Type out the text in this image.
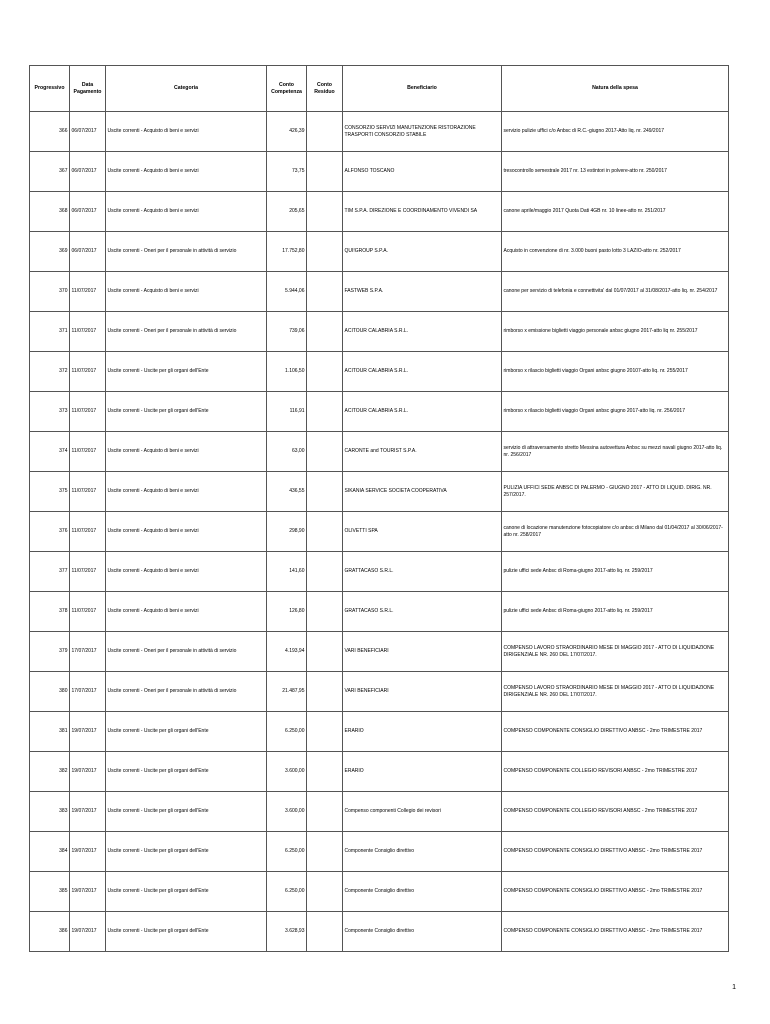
Progressivo	Data Pagamento	Categoria	Conto Competenza	Conto Residuo	Beneficiario	Natura della spesa
366	06/07/2017	Uscite correnti - Acquisto di beni e servizi	426,39		CONSORZIO SERVIZI MANUTENZIONE RISTORAZIONE TRASPORTI CONSORZIO STABILE	servizio pulizie uffici c/o Anbsc di R.C.-giugno 2017-Atto liq. nr. 249/2017
367	06/07/2017	Uscite correnti - Acquisto di beni e servizi	73,75		ALFONSO TOSCANO	tresocontrollo semestrale 2017 nr. 13 estintori in polvere-atto nr. 250/2017
368	06/07/2017	Uscite correnti - Acquisto di beni e servizi	205,65		TIM S.P.A. DIREZIONE E COORDINAMENTO VIVENDI SA	canone aprile/maggio 2017 Quota Dati 4GB nr. 10 linee-atto nr. 251/2017
369	06/07/2017	Uscite correnti - Oneri per il personale in attività di servizio	17.752,80		QUI!GROUP S.P.A.	Acquisto in convenzione di nr. 3.000 buoni pasto lotto 3 LAZIO-atto nr. 252/2017
370	11/07/2017	Uscite correnti - Acquisto di beni e servizi	5.944,06		FASTWEB S.P.A.	canone per servizio di telefonia e connettivita' dal 01/07/2017 al 31/08/2017-atto liq. nr. 254/2017
371	11/07/2017	Uscite correnti - Oneri per il personale in attività di servizio	739,06		ACITOUR CALABRIA S.R.L.	rimborso x emissione biglietti viaggio personale anbsc giugno 2017-atto liq nr. 255/2017
372	11/07/2017	Uscite correnti - Uscite per gli organi dell'Ente	1.106,50		ACITOUR CALABRIA S.R.L.	rimborso x rilascio biglietti viaggio Organi anbsc giugno 20107-atto liq. nr. 255/2017
373	11/07/2017	Uscite correnti - Uscite per gli organi dell'Ente	116,91		ACITOUR CALABRIA S.R.L.	rimborso x rilascio biglietti viaggio Organi anbsc giugno 2017-atto liq. nr. 256/2017
374	11/07/2017	Uscite correnti - Acquisto di beni e servizi	63,00		CARONTE and TOURIST S.P.A.	servizio di attraversamento stretto Messina autovettura Anbsc su mezzi navali giugno 2017-atto liq. nr. 256/2017
375	11/07/2017	Uscite correnti - Acquisto di beni e servizi	436,55		SIKANIA SERVICE SOCIETA COOPERATIVA	PULIZIA UFFICI SEDE ANBSC DI PALERMO - GIUGNO 2017 - ATTO DI LIQUID. DIRIG. NR. 257/2017.
376	11/07/2017	Uscite correnti - Acquisto di beni e servizi	298,90		OLIVETTI SPA	canone di locazione manutenzione fotocopiatore c/o anbsc di Milano dal 01/04/2017 al 30/06/2017-atto nr. 258/2017
377	11/07/2017	Uscite correnti - Acquisto di beni e servizi	141,60		GRATTACASO S.R.L.	pulizie uffici sede Anbsc di Roma-giugno 2017-atto liq. nr. 259/2017
378	11/07/2017	Uscite correnti - Acquisto di beni e servizi	126,80		GRATTACASO S.R.L.	pulizie uffici sede Anbsc di Roma-giugno 2017-atto liq. nr. 259/2017
379	17/07/2017	Uscite correnti - Oneri per il personale in attività di servizio	4.193,94		VARI BENEFICIARI	COMPENSO LAVORO STRAORDINARIO MESE DI MAGGIO 2017 - ATTO DI LIQUIDAZIONE DIRIGENZIALE NR. 260 DEL 17/07/2017.
380	17/07/2017	Uscite correnti - Oneri per il personale in attività di servizio	21.487,95		VARI BENEFICIARI	COMPENSO LAVORO STRAORDINARIO MESE DI MAGGIO 2017 - ATTO DI LIQUIDAZIONE DIRIGENZIALE NR. 260 DEL 17/07/2017.
381	19/07/2017	Uscite correnti - Uscite per gli organi dell'Ente	6.250,00		ERARIO	COMPENSO COMPONENTE CONSIGLIO DIRETTIVO ANBSC - 2mo TRIMESTRE 2017
382	19/07/2017	Uscite correnti - Uscite per gli organi dell'Ente	3.600,00		ERARIO	COMPENSO COMPONENTE COLLEGIO REVISORI ANBSC - 2mo TRIMESTRE 2017
383	19/07/2017	Uscite correnti - Uscite per gli organi dell'Ente	3.600,00		Compenso componenti Collegio dei revisori	COMPENSO COMPONENTE COLLEGIO REVISORI ANBSC - 2mo TRIMESTRE 2017
384	19/07/2017	Uscite correnti - Uscite per gli organi dell'Ente	6.250,00		Componente Consiglio direttivo	COMPENSO COMPONENTE CONSIGLIO DIRETTIVO ANBSC - 2mo TRIMESTRE 2017
385	19/07/2017	Uscite correnti - Uscite per gli organi dell'Ente	6.250,00		Componente Consiglio direttivo	COMPENSO COMPONENTE CONSIGLIO DIRETTIVO ANBSC - 2mo TRIMESTRE 2017
386	19/07/2017	Uscite correnti - Uscite per gli organi dell'Ente	3.628,93		Componente Consiglio direttivo	COMPENSO COMPONENTE CONSIGLIO DIRETTIVO ANBSC - 2mo TRIMESTRE 2017
1
